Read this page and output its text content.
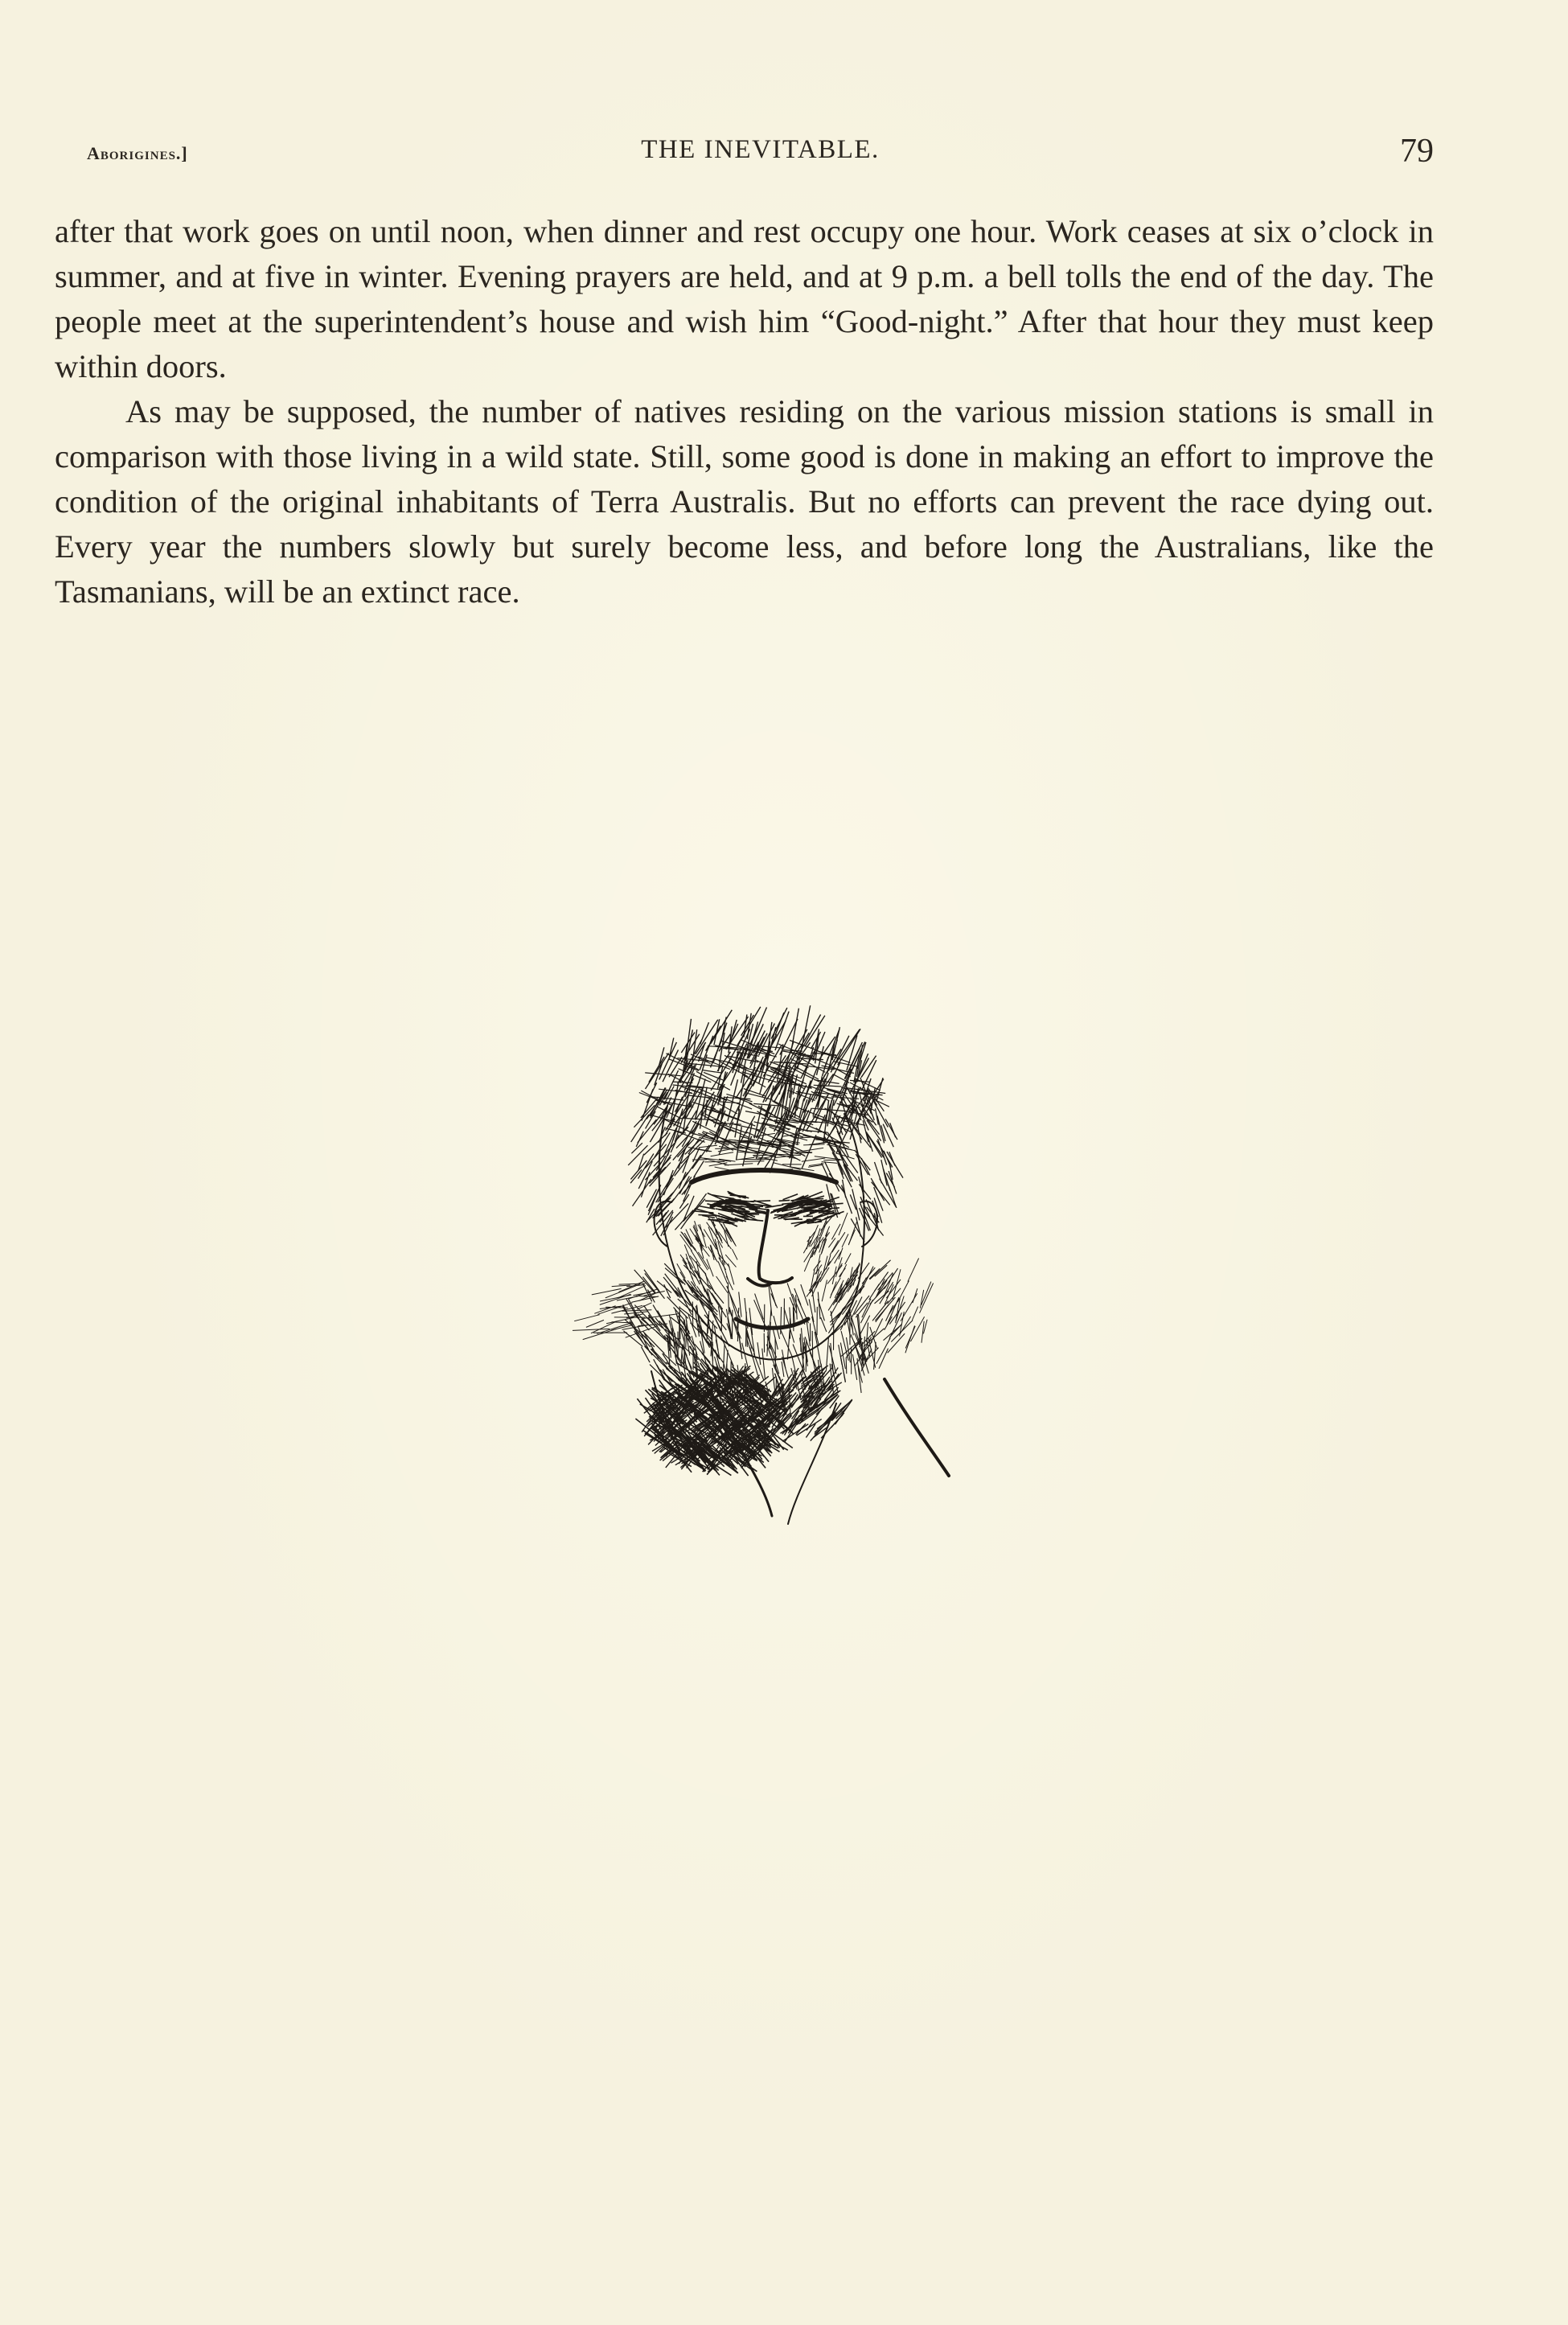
Aborigines.]	THE INEVITABLE.	79

after that work goes on until noon, when dinner and rest occupy one hour. Work ceases at six o’clock in summer, and at five in winter. Evening prayers are held, and at 9 p.m. a bell tolls the end of the day. The people meet at the superintendent’s house and wish him “Good-night.” After that hour they must keep within doors.

As may be supposed, the number of natives residing on the various mission stations is small in comparison with those living in a wild state. Still, some good is done in making an effort to improve the condition of the original inhabitants of Terra Australis. But no efforts can prevent the race dying out. Every year the numbers slowly but surely become less, and before long the Australians, like the Tasmanians, will be an extinct race.
